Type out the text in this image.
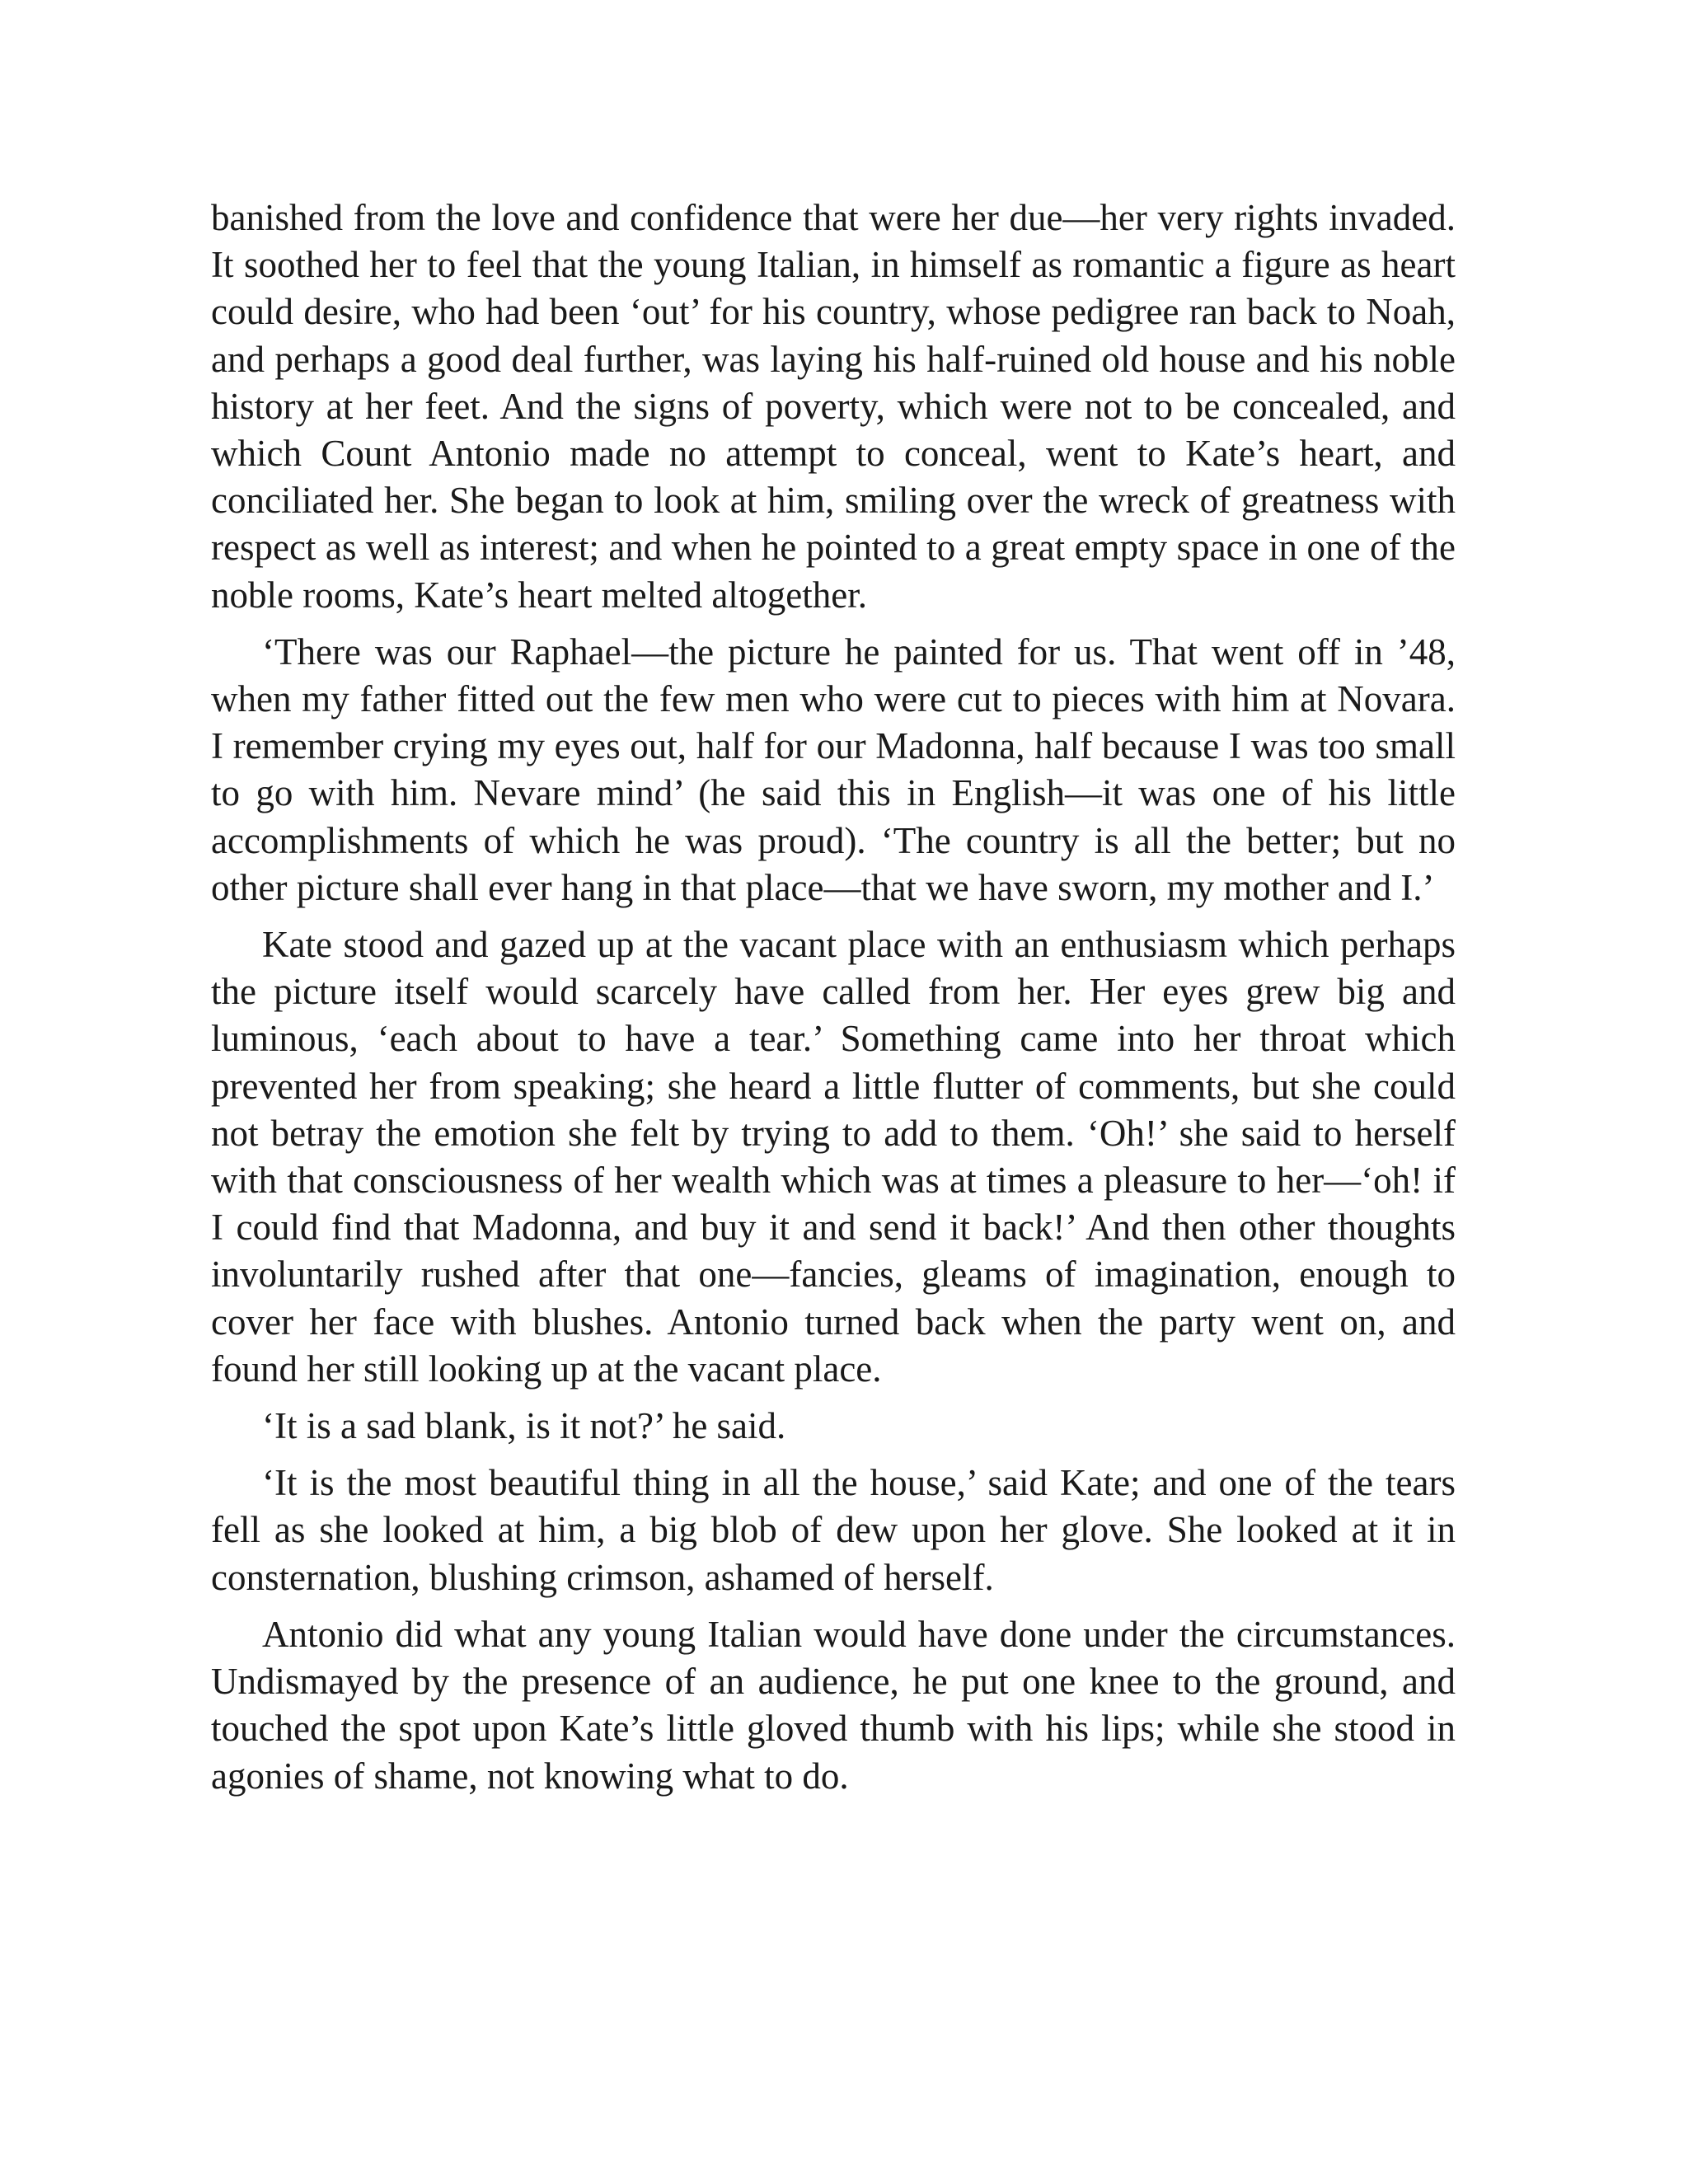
banished from the love and confidence that were her due—her very rights invaded. It soothed her to feel that the young Italian, in himself as romantic a figure as heart could desire, who had been ‘out’ for his country, whose pedigree ran back to Noah, and perhaps a good deal further, was laying his half-ruined old house and his noble history at her feet. And the signs of poverty, which were not to be concealed, and which Count Antonio made no attempt to conceal, went to Kate’s heart, and conciliated her. She began to look at him, smiling over the wreck of greatness with respect as well as interest; and when he pointed to a great empty space in one of the noble rooms, Kate’s heart melted altogether.

‘There was our Raphael—the picture he painted for us. That went off in ’48, when my father fitted out the few men who were cut to pieces with him at Novara. I remember crying my eyes out, half for our Madonna, half because I was too small to go with him. Nevare mind’ (he said this in English—it was one of his little accomplishments of which he was proud). ‘The country is all the better; but no other picture shall ever hang in that place—that we have sworn, my mother and I.’

Kate stood and gazed up at the vacant place with an enthusiasm which perhaps the picture itself would scarcely have called from her. Her eyes grew big and luminous, ‘each about to have a tear.’ Something came into her throat which prevented her from speaking; she heard a little flutter of comments, but she could not betray the emotion she felt by trying to add to them. ‘Oh!’ she said to herself with that consciousness of her wealth which was at times a pleasure to her—‘oh! if I could find that Madonna, and buy it and send it back!’ And then other thoughts involuntarily rushed after that one—fancies, gleams of imagination, enough to cover her face with blushes. Antonio turned back when the party went on, and found her still looking up at the vacant place.

‘It is a sad blank, is it not?’ he said.

‘It is the most beautiful thing in all the house,’ said Kate; and one of the tears fell as she looked at him, a big blob of dew upon her glove. She looked at it in consternation, blushing crimson, ashamed of herself.

Antonio did what any young Italian would have done under the circumstances. Undismayed by the presence of an audience, he put one knee to the ground, and touched the spot upon Kate’s little gloved thumb with his lips; while she stood in agonies of shame, not knowing what to do.
